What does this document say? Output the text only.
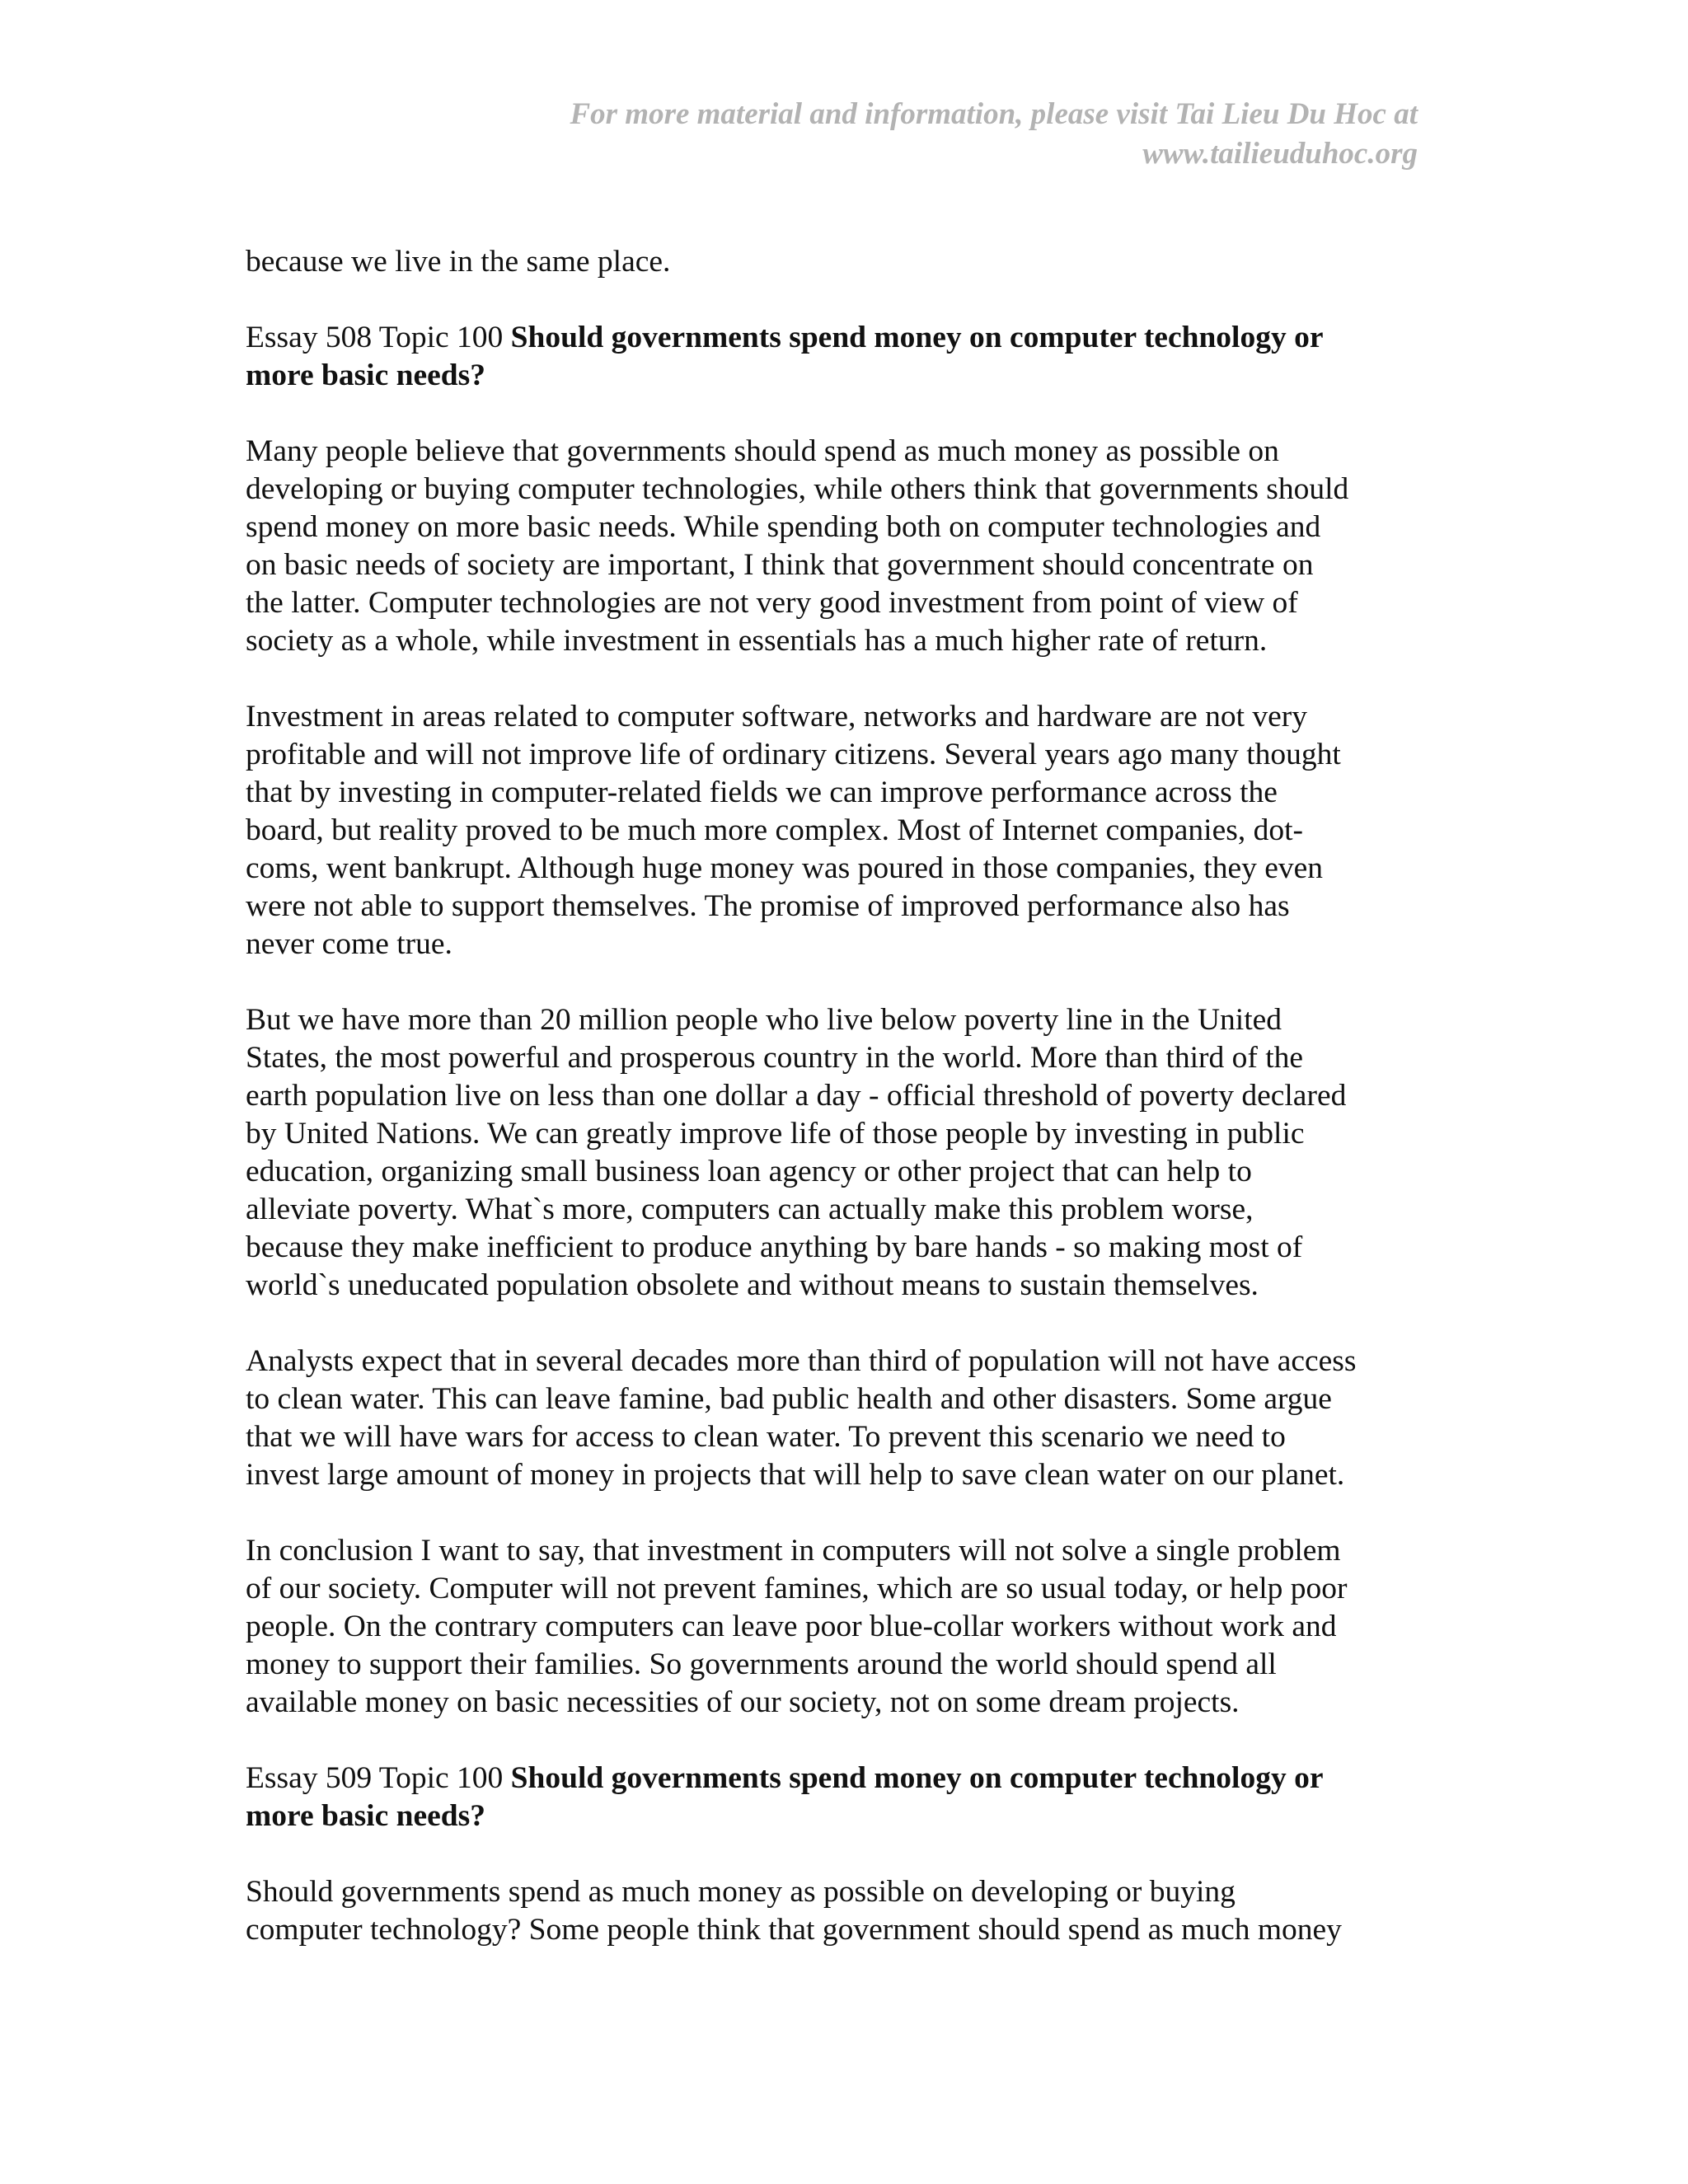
For more material and information, please visit Tai Lieu Du Hoc at
www.tailieuduhoc.org

because we live in the same place.

Essay 508 Topic 100 Should governments spend money on computer technology or
more basic needs?

Many people believe that governments should spend as much money as possible on
developing or buying computer technologies, while others think that governments should
spend money on more basic needs. While spending both on computer technologies and
on basic needs of society are important, I think that government should concentrate on
the latter. Computer technologies are not very good investment from point of view of
society as a whole, while investment in essentials has a much higher rate of return.

Investment in areas related to computer software, networks and hardware are not very
profitable and will not improve life of ordinary citizens. Several years ago many thought
that by investing in computer-related fields we can improve performance across the
board, but reality proved to be much more complex. Most of Internet companies, dot-
coms, went bankrupt. Although huge money was poured in those companies, they even
were not able to support themselves. The promise of improved performance also has
never come true.

But we have more than 20 million people who live below poverty line in the United
States, the most powerful and prosperous country in the world. More than third of the
earth population live on less than one dollar a day - official threshold of poverty declared
by United Nations. We can greatly improve life of those people by investing in public
education, organizing small business loan agency or other project that can help to
alleviate poverty. What`s more, computers can actually make this problem worse,
because they make inefficient to produce anything by bare hands - so making most of
world`s uneducated population obsolete and without means to sustain themselves.

Analysts expect that in several decades more than third of population will not have access
to clean water. This can leave famine, bad public health and other disasters. Some argue
that we will have wars for access to clean water. To prevent this scenario we need to
invest large amount of money in projects that will help to save clean water on our planet.

In conclusion I want to say, that investment in computers will not solve a single problem
of our society. Computer will not prevent famines, which are so usual today, or help poor
people. On the contrary computers can leave poor blue-collar workers without work and
money to support their families. So governments around the world should spend all
available money on basic necessities of our society, not on some dream projects.

Essay 509 Topic 100 Should governments spend money on computer technology or
more basic needs?

Should governments spend as much money as possible on developing or buying
computer technology? Some people think that government should spend as much money
